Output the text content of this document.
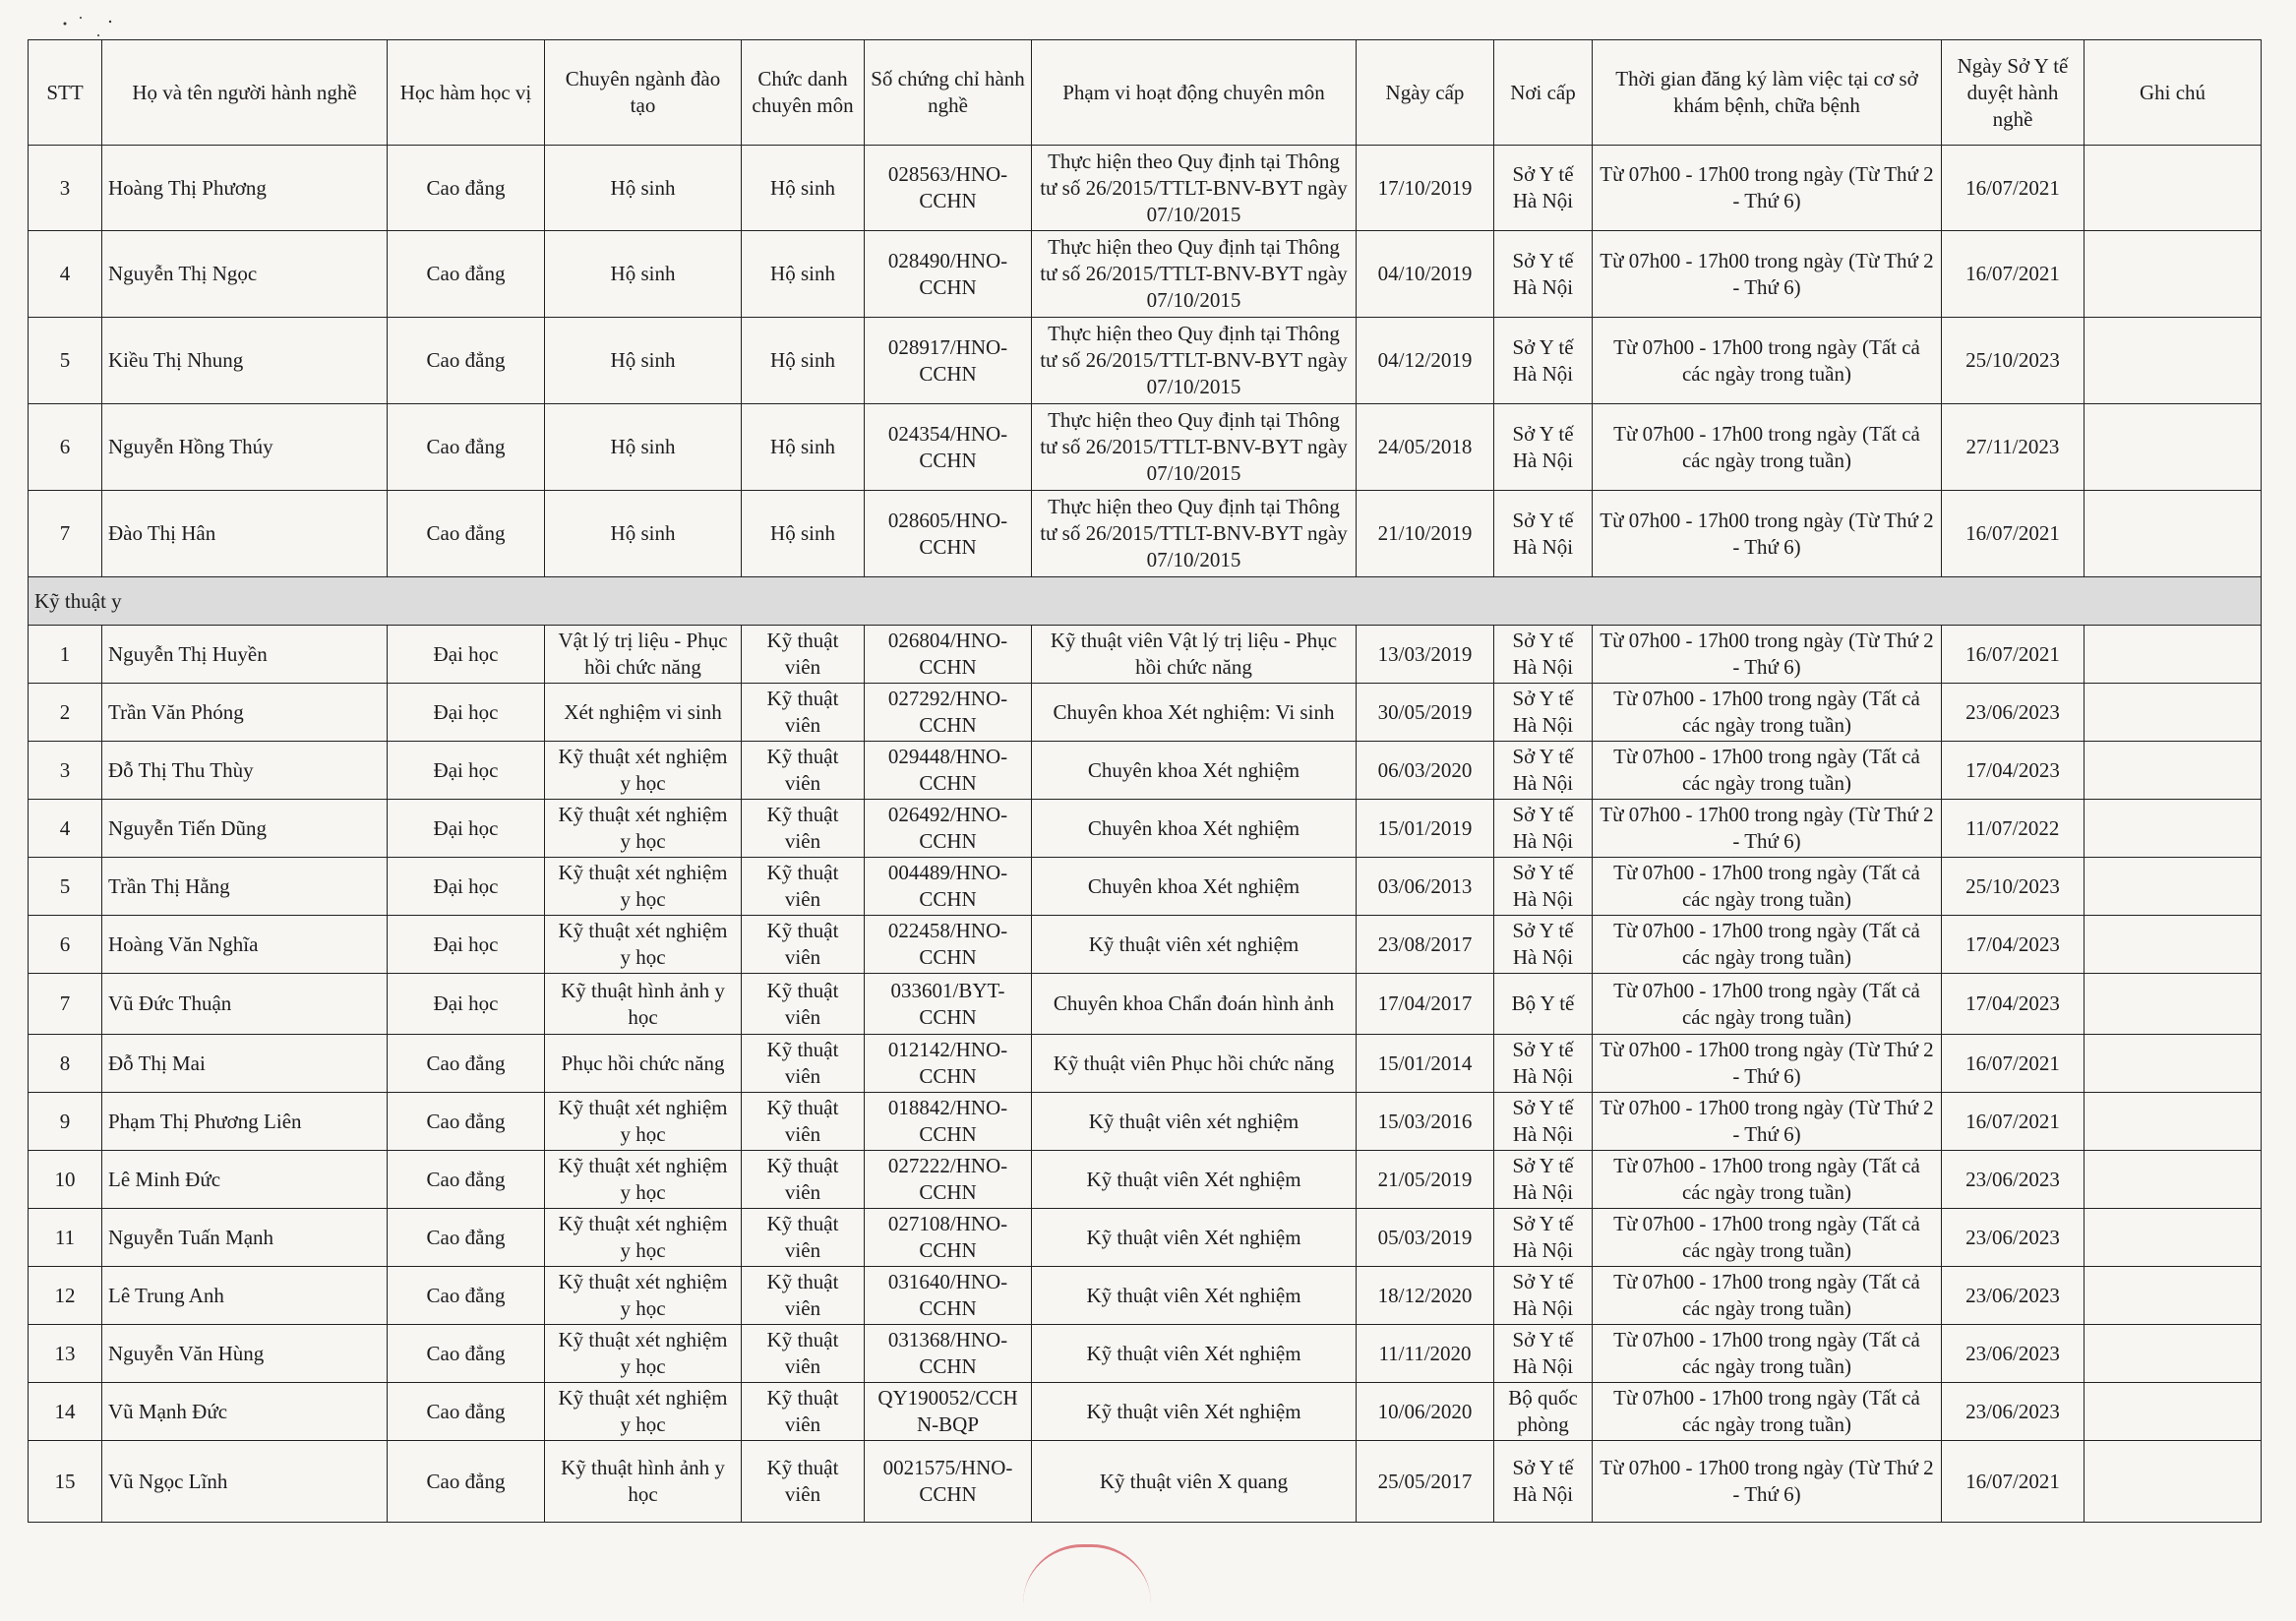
STT	Họ và tên người hành nghề	Học hàm học vị	Chuyên ngành đào tạo	Chức danh chuyên môn	Số chứng chỉ hành nghề	Phạm vi hoạt động chuyên môn	Ngày cấp	Nơi cấp	Thời gian đăng ký làm việc tại cơ sở khám bệnh, chữa bệnh	Ngày Sở Y tế duyệt hành nghề	Ghi chú
3	Hoàng Thị Phương	Cao đẳng	Hộ sinh	Hộ sinh	028563/HNO-CCHN	Thực hiện theo Quy định tại Thông tư số 26/2015/TTLT-BNV-BYT ngày 07/10/2015	17/10/2019	Sở Y tế Hà Nội	Từ 07h00 - 17h00 trong ngày (Từ Thứ 2 - Thứ 6)	16/07/2021	
4	Nguyễn Thị Ngọc	Cao đẳng	Hộ sinh	Hộ sinh	028490/HNO-CCHN	Thực hiện theo Quy định tại Thông tư số 26/2015/TTLT-BNV-BYT ngày 07/10/2015	04/10/2019	Sở Y tế Hà Nội	Từ 07h00 - 17h00 trong ngày (Từ Thứ 2 - Thứ 6)	16/07/2021	
5	Kiều Thị Nhung	Cao đẳng	Hộ sinh	Hộ sinh	028917/HNO-CCHN	Thực hiện theo Quy định tại Thông tư số 26/2015/TTLT-BNV-BYT ngày 07/10/2015	04/12/2019	Sở Y tế Hà Nội	Từ 07h00 - 17h00 trong ngày (Tất cả các ngày trong tuần)	25/10/2023	
6	Nguyễn Hồng Thúy	Cao đẳng	Hộ sinh	Hộ sinh	024354/HNO-CCHN	Thực hiện theo Quy định tại Thông tư số 26/2015/TTLT-BNV-BYT ngày 07/10/2015	24/05/2018	Sở Y tế Hà Nội	Từ 07h00 - 17h00 trong ngày (Tất cả các ngày trong tuần)	27/11/2023	
7	Đào Thị Hân	Cao đẳng	Hộ sinh	Hộ sinh	028605/HNO-CCHN	Thực hiện theo Quy định tại Thông tư số 26/2015/TTLT-BNV-BYT ngày 07/10/2015	21/10/2019	Sở Y tế Hà Nội	Từ 07h00 - 17h00 trong ngày (Từ Thứ 2 - Thứ 6)	16/07/2021	
Kỹ thuật y											
1	Nguyễn Thị Huyền	Đại học	Vật lý trị liệu - Phục hồi chức năng	Kỹ thuật viên	026804/HNO-CCHN	Kỹ thuật viên Vật lý trị liệu - Phục hồi chức năng	13/03/2019	Sở Y tế Hà Nội	Từ 07h00 - 17h00 trong ngày (Từ Thứ 2 - Thứ 6)	16/07/2021	
2	Trần Văn Phóng	Đại học	Xét nghiệm vi sinh	Kỹ thuật viên	027292/HNO-CCHN	Chuyên khoa Xét nghiệm: Vi sinh	30/05/2019	Sở Y tế Hà Nội	Từ 07h00 - 17h00 trong ngày (Tất cả các ngày trong tuần)	23/06/2023	
3	Đỗ Thị Thu Thùy	Đại học	Kỹ thuật xét nghiệm y học	Kỹ thuật viên	029448/HNO-CCHN	Chuyên khoa Xét nghiệm	06/03/2020	Sở Y tế Hà Nội	Từ 07h00 - 17h00 trong ngày (Tất cả các ngày trong tuần)	17/04/2023	
4	Nguyễn Tiến Dũng	Đại học	Kỹ thuật xét nghiệm y học	Kỹ thuật viên	026492/HNO-CCHN	Chuyên khoa Xét nghiệm	15/01/2019	Sở Y tế Hà Nội	Từ 07h00 - 17h00 trong ngày (Từ Thứ 2 - Thứ 6)	11/07/2022	
5	Trần Thị Hằng	Đại học	Kỹ thuật xét nghiệm y học	Kỹ thuật viên	004489/HNO-CCHN	Chuyên khoa Xét nghiệm	03/06/2013	Sở Y tế Hà Nội	Từ 07h00 - 17h00 trong ngày (Tất cả các ngày trong tuần)	25/10/2023	
6	Hoàng Văn Nghĩa	Đại học	Kỹ thuật xét nghiệm y học	Kỹ thuật viên	022458/HNO-CCHN	Kỹ thuật viên xét nghiệm	23/08/2017	Sở Y tế Hà Nội	Từ 07h00 - 17h00 trong ngày (Tất cả các ngày trong tuần)	17/04/2023	
7	Vũ Đức Thuận	Đại học	Kỹ thuật hình ảnh y học	Kỹ thuật viên	033601/BYT-CCHN	Chuyên khoa Chẩn đoán hình ảnh	17/04/2017	Bộ Y tế	Từ 07h00 - 17h00 trong ngày (Tất cả các ngày trong tuần)	17/04/2023	
8	Đỗ Thị Mai	Cao đẳng	Phục hồi chức năng	Kỹ thuật viên	012142/HNO-CCHN	Kỹ thuật viên Phục hồi chức năng	15/01/2014	Sở Y tế Hà Nội	Từ 07h00 - 17h00 trong ngày (Từ Thứ 2 - Thứ 6)	16/07/2021	
9	Phạm Thị Phương Liên	Cao đẳng	Kỹ thuật xét nghiệm y học	Kỹ thuật viên	018842/HNO-CCHN	Kỹ thuật viên xét nghiệm	15/03/2016	Sở Y tế Hà Nội	Từ 07h00 - 17h00 trong ngày (Từ Thứ 2 - Thứ 6)	16/07/2021	
10	Lê Minh Đức	Cao đẳng	Kỹ thuật xét nghiệm y học	Kỹ thuật viên	027222/HNO-CCHN	Kỹ thuật viên Xét nghiệm	21/05/2019	Sở Y tế Hà Nội	Từ 07h00 - 17h00 trong ngày (Tất cả các ngày trong tuần)	23/06/2023	
11	Nguyễn Tuấn Mạnh	Cao đẳng	Kỹ thuật xét nghiệm y học	Kỹ thuật viên	027108/HNO-CCHN	Kỹ thuật viên Xét nghiệm	05/03/2019	Sở Y tế Hà Nội	Từ 07h00 - 17h00 trong ngày (Tất cả các ngày trong tuần)	23/06/2023	
12	Lê Trung Anh	Cao đẳng	Kỹ thuật xét nghiệm y học	Kỹ thuật viên	031640/HNO-CCHN	Kỹ thuật viên Xét nghiệm	18/12/2020	Sở Y tế Hà Nội	Từ 07h00 - 17h00 trong ngày (Tất cả các ngày trong tuần)	23/06/2023	
13	Nguyễn Văn Hùng	Cao đẳng	Kỹ thuật xét nghiệm y học	Kỹ thuật viên	031368/HNO-CCHN	Kỹ thuật viên Xét nghiệm	11/11/2020	Sở Y tế Hà Nội	Từ 07h00 - 17h00 trong ngày (Tất cả các ngày trong tuần)	23/06/2023	
14	Vũ Mạnh Đức	Cao đẳng	Kỹ thuật xét nghiệm y học	Kỹ thuật viên	QY190052/CCHN-BQP	Kỹ thuật viên Xét nghiệm	10/06/2020	Bộ quốc phòng	Từ 07h00 - 17h00 trong ngày (Tất cả các ngày trong tuần)	23/06/2023	
15	Vũ Ngọc Lĩnh	Cao đẳng	Kỹ thuật hình ảnh y học	Kỹ thuật viên	0021575/HNO-CCHN	Kỹ thuật viên X quang	25/05/2017	Sở Y tế Hà Nội	Từ 07h00 - 17h00 trong ngày (Từ Thứ 2 - Thứ 6)	16/07/2021	
